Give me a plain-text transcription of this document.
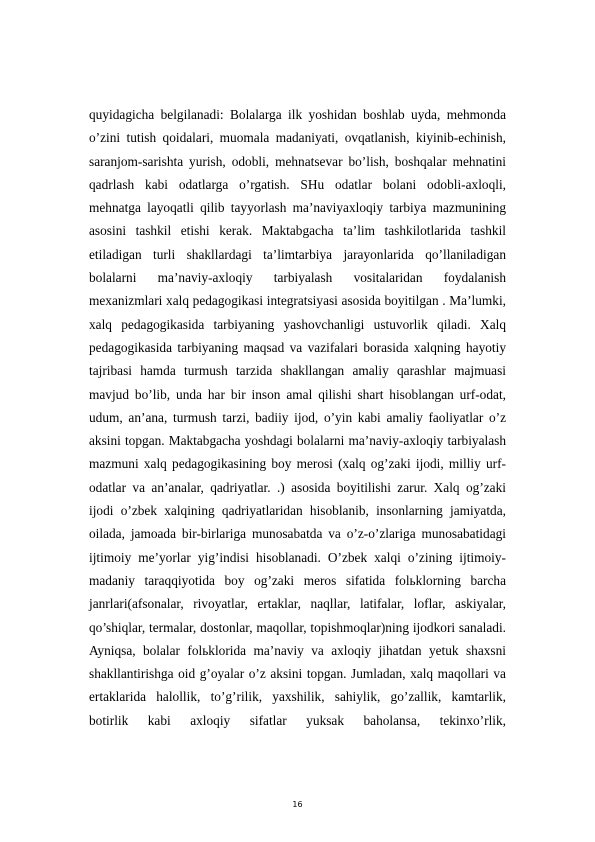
quyidagicha belgilanadi: Bolalarga ilk yoshidan boshlab uyda, mehmonda o’zini tutish qoidalari, muomala madaniyati, ovqatlanish, kiyinib-echinish, saranjom-sarishta yurish, odobli, mehnatsevar bo’lish, boshqalar mehnatini qadrlash kabi odatlarga o’rgatish. SHu odatlar bolani odobli-axloqli, mehnatga layoqatli qilib tayyorlash ma’naviyaxloqiy tarbiya mazmunining asosini tashkil etishi kerak. Maktabgacha ta’lim tashkilotlarida tashkil etiladigan turli shakllardagi ta’limtarbiya jarayonlarida qo’llaniladigan bolalarni ma’naviy-axloqiy tarbiyalash vositalaridan foydalanish mexanizmlari xalq pedagogikasi integratsiyasi asosida boyitilgan . Ma’lumki, xalq pedagogikasida tarbiyaning yashovchanligi ustuvorlik qiladi. Xalq pedagogikasida tarbiyaning maqsad va vazifalari borasida xalqning hayotiy tajribasi hamda turmush tarzida shakllangan amaliy qarashlar majmuasi mavjud bo’lib, unda har bir inson amal qilishi shart hisoblangan urf-odat, udum, an’ana, turmush tarzi, badiiy ijod, o’yin kabi amaliy faoliyatlar o’z aksini topgan. Maktabgacha yoshdagi bolalarni ma’naviy-axloqiy tarbiyalash mazmuni xalq pedagogikasining boy merosi (xalq og’zaki ijodi, milliy urf-odatlar va an’analar, qadriyatlar. .) asosida boyitilishi zarur. Xalq og’zaki ijodi o’zbek xalqining qadriyatlaridan hisoblanib, insonlarning jamiyatda, oilada, jamoada bir-birlariga munosabatda va o’z-o’zlariga munosabatidagi ijtimoiy me’yorlar yig’indisi hisoblanadi. O’zbek xalqi o’zining ijtimoiy-madaniy taraqqiyotida boy og’zaki meros sifatida folьklorning barcha janrlari(afsonalar, rivoyatlar, ertaklar, naqllar, latifalar, loflar, askiyalar, qo’shiqlar, termalar, dostonlar, maqollar, topishmoqlar)ning ijodkori sanaladi. Ayniqsa, bolalar folьklorida ma’naviy va axloqiy jihatdan yetuk shaxsni shakllantirishga oid g’oyalar o’z aksini topgan. Jumladan, xalq maqollari va ertaklarida halollik, to’g’rilik, yaxshilik, sahiylik, go’zallik, kamtarlik, botirlik kabi axloqiy sifatlar yuksak baholansa, tekinxo’rlik,

16
